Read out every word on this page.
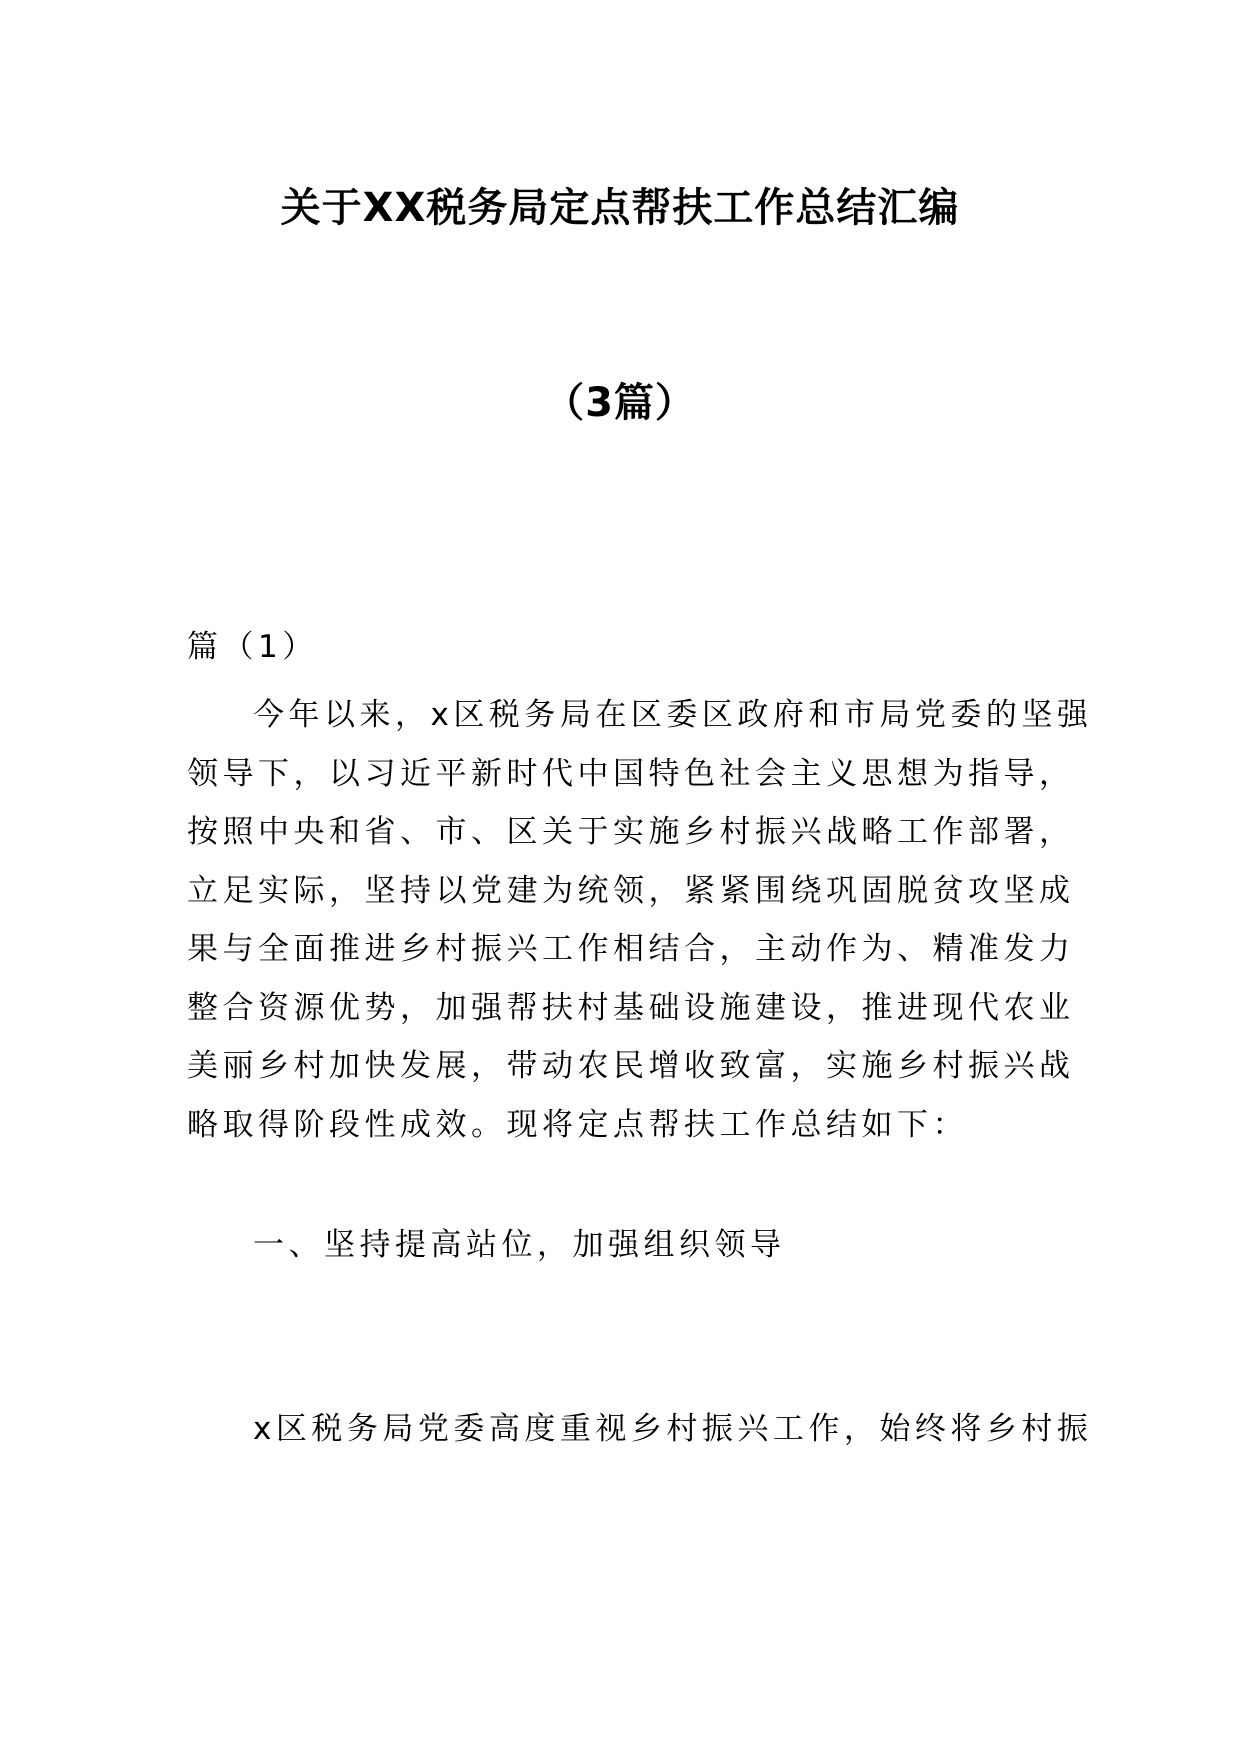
关于XX税务局定点帮扶工作总结汇编
（3篇）

篇（1）

今年以来，x区税务局在区委区政府和市局党委的坚强
领导下，以习近平新时代中国特色社会主义思想为指导，
按照中央和省、市、区关于实施乡村振兴战略工作部署，
立足实际，坚持以党建为统领，紧紧围绕巩固脱贫攻坚成
果与全面推进乡村振兴工作相结合，主动作为、精准发力
整合资源优势，加强帮扶村基础设施建设，推进现代农业
美丽乡村加快发展，带动农民增收致富，实施乡村振兴战
略取得阶段性成效。现将定点帮扶工作总结如下：

一、坚持提高站位，加强组织领导

x区税务局党委高度重视乡村振兴工作，始终将乡村振
